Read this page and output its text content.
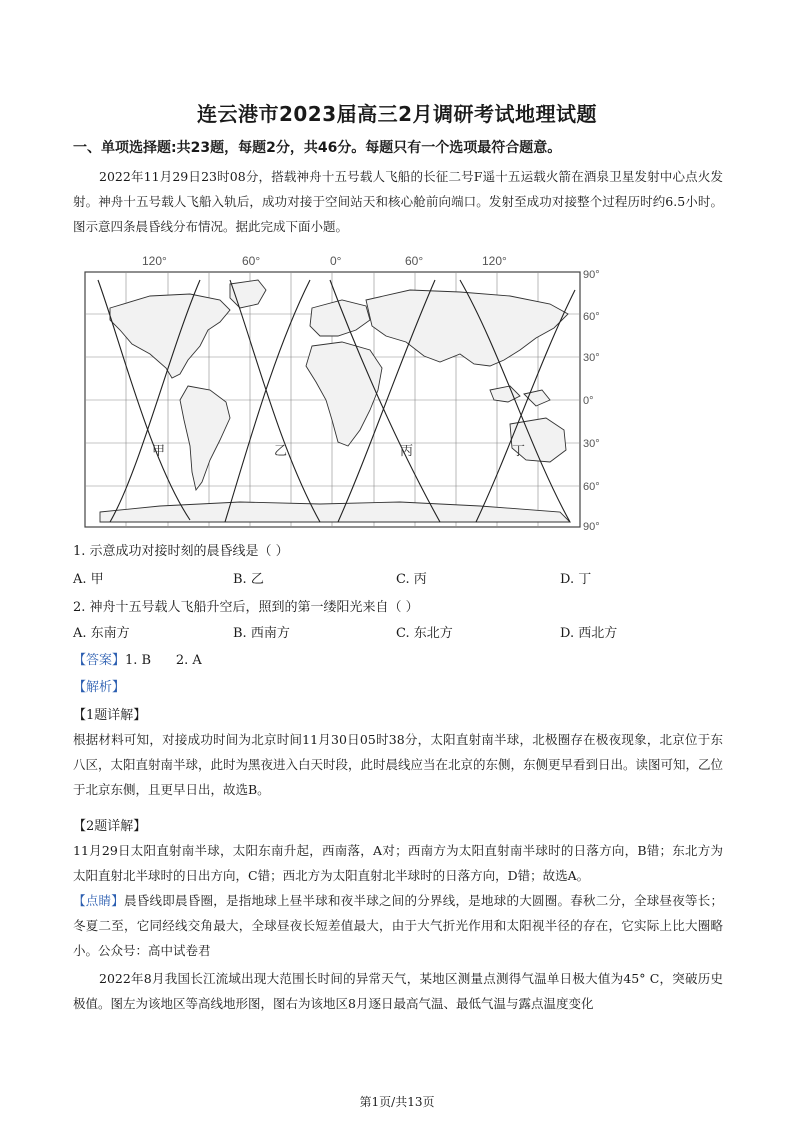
连云港市2023届高三2月调研考试地理试题
一、单项选择题:共23题，每题2分，共46分。每题只有一个选项最符合题意。
2022年11月29日23时08分，搭载神舟十五号载人飞船的长征二号F遥十五运载火箭在酒泉卫星发射中心点火发射。神舟十五号载人飞船入轨后，成功对接于空间站天和核心舱前向端口。发射至成功对接整个过程历时约6.5小时。图示意四条晨昏线分布情况。据此完成下面小题。
120°	60°	0°	60°	120°
甲	乙	丙	丁
90°
60°
30°
0°
30°
60°
90°
1. 示意成功对接时刻的晨昏线是（ ）
A. 甲	B. 乙	C. 丙	D. 丁
2. 神舟十五号载人飞船升空后，照到的第一缕阳光来自（ ）
A. 东南方	B. 西南方	C. 东北方	D. 西北方
【答案】1. B      2. A
【解析】
【1题详解】
根据材料可知，对接成功时间为北京时间11月30日05时38分，太阳直射南半球，北极圈存在极夜现象，北京位于东八区，太阳直射南半球，此时为黑夜进入白天时段，此时晨线应当在北京的东侧，东侧更早看到日出。读图可知，乙位于北京东侧，且更早日出，故选B。
【2题详解】
11月29日太阳直射南半球，太阳东南升起，西南落，A对；西南方为太阳直射南半球时的日落方向，B错；东北方为太阳直射北半球时的日出方向，C错；西北方为太阳直射北半球时的日落方向，D错；故选A。
【点睛】晨昏线即晨昏圈，是指地球上昼半球和夜半球之间的分界线，是地球的大圆圈。春秋二分，全球昼夜等长；冬夏二至，它同经线交角最大，全球昼夜长短差值最大，由于大气折光作用和太阳视半径的存在，它实际上比大圈略小。公众号：高中试卷君
2022年8月我国长江流域出现大范围长时间的异常天气，某地区测量点测得气温单日极大值为45° C，突破历史极值。图左为该地区等高线地形图，图右为该地区8月逐日最高气温、最低气温与露点温度变化
第1页/共13页
